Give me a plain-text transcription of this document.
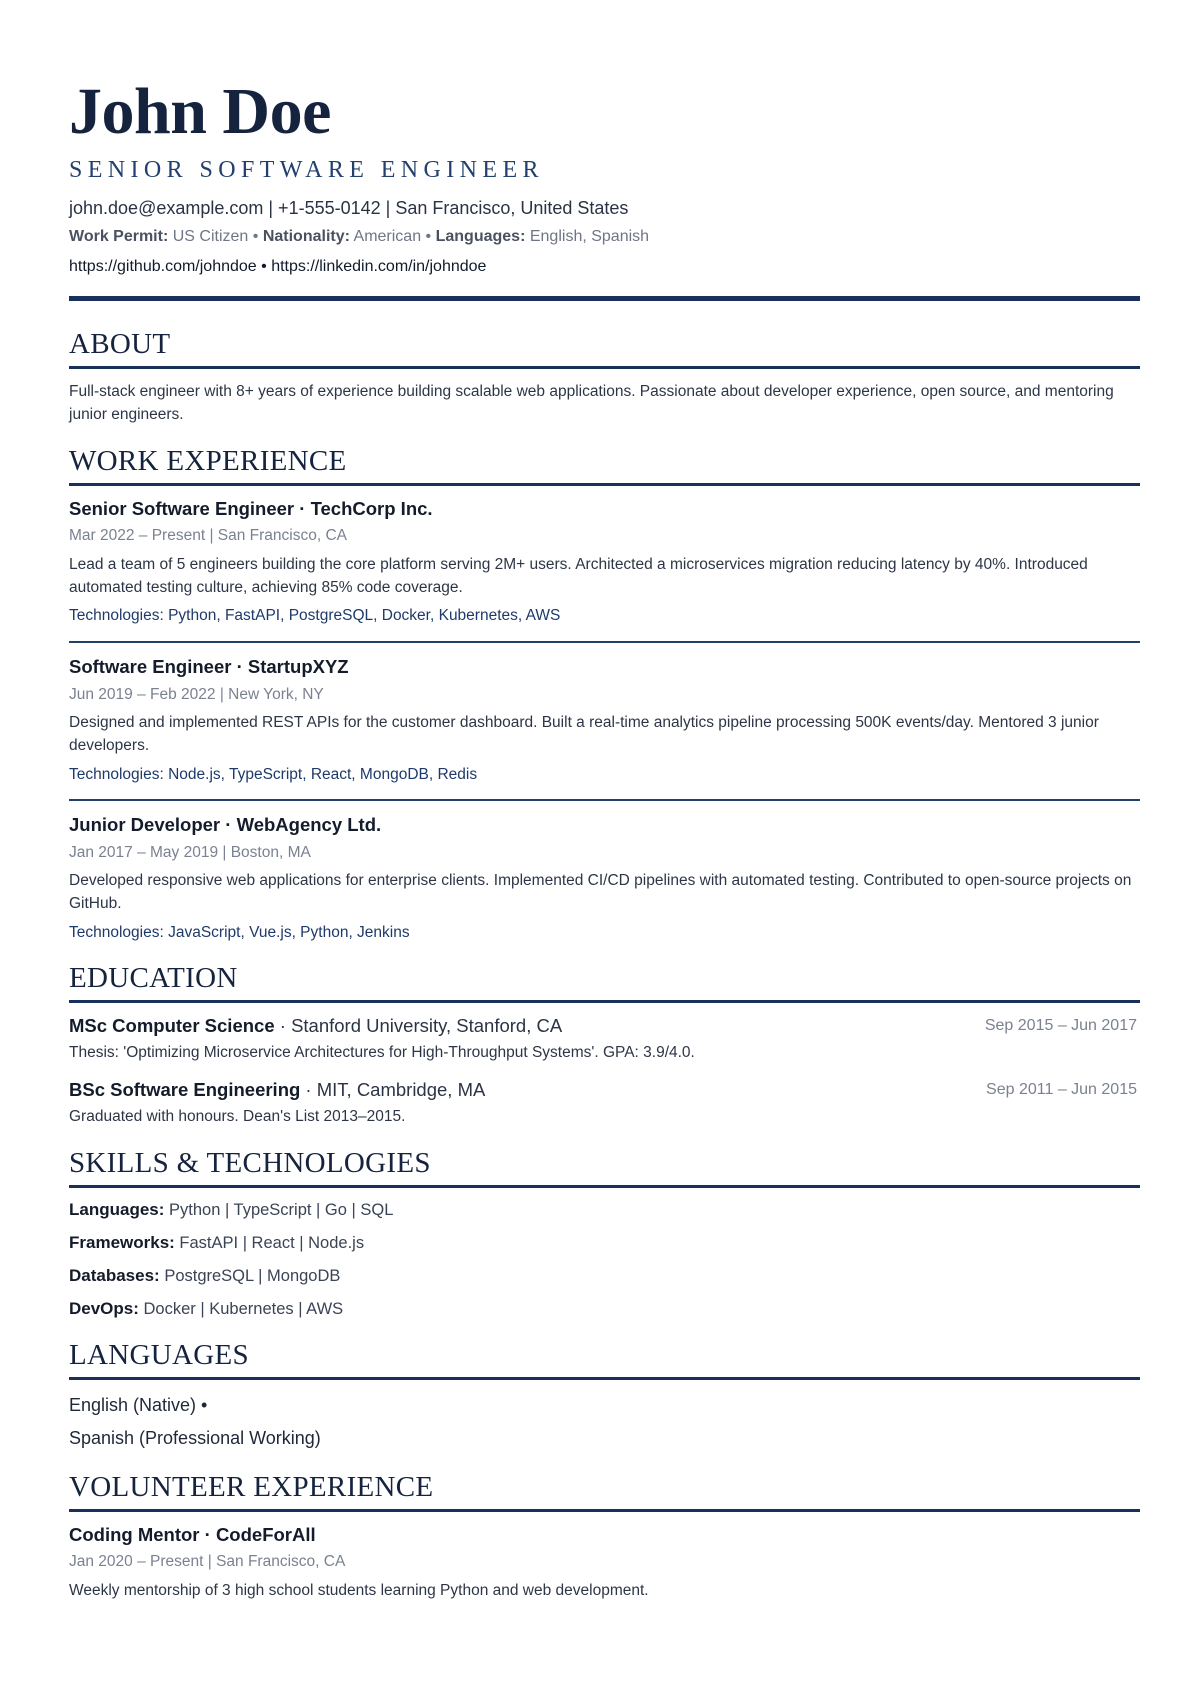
John Doe
SENIOR SOFTWARE ENGINEER
john.doe@example.com | +1-555-0142 | San Francisco, United States
Work Permit: US Citizen • Nationality: American • Languages: English, Spanish
https://github.com/johndoe • https://linkedin.com/in/johndoe
ABOUT
Full-stack engineer with 8+ years of experience building scalable web applications. Passionate about developer experience, open source, and mentoring junior engineers.
WORK EXPERIENCE
Senior Software Engineer · TechCorp Inc.
Mar 2022 – Present | San Francisco, CA
Lead a team of 5 engineers building the core platform serving 2M+ users. Architected a microservices migration reducing latency by 40%. Introduced automated testing culture, achieving 85% code coverage.
Technologies: Python, FastAPI, PostgreSQL, Docker, Kubernetes, AWS
Software Engineer · StartupXYZ
Jun 2019 – Feb 2022 | New York, NY
Designed and implemented REST APIs for the customer dashboard. Built a real-time analytics pipeline processing 500K events/day. Mentored 3 junior developers.
Technologies: Node.js, TypeScript, React, MongoDB, Redis
Junior Developer · WebAgency Ltd.
Jan 2017 – May 2019 | Boston, MA
Developed responsive web applications for enterprise clients. Implemented CI/CD pipelines with automated testing. Contributed to open-source projects on GitHub.
Technologies: JavaScript, Vue.js, Python, Jenkins
EDUCATION
MSc Computer Science · Stanford University, Stanford, CA	Sep 2015 – Jun 2017
Thesis: 'Optimizing Microservice Architectures for High-Throughput Systems'. GPA: 3.9/4.0.
BSc Software Engineering · MIT, Cambridge, MA	Sep 2011 – Jun 2015
Graduated with honours. Dean's List 2013–2015.
SKILLS & TECHNOLOGIES
Languages: Python | TypeScript | Go | SQL
Frameworks: FastAPI | React | Node.js
Databases: PostgreSQL | MongoDB
DevOps: Docker | Kubernetes | AWS
LANGUAGES
English (Native) •
Spanish (Professional Working)
VOLUNTEER EXPERIENCE
Coding Mentor · CodeForAll
Jan 2020 – Present | San Francisco, CA
Weekly mentorship of 3 high school students learning Python and web development.
